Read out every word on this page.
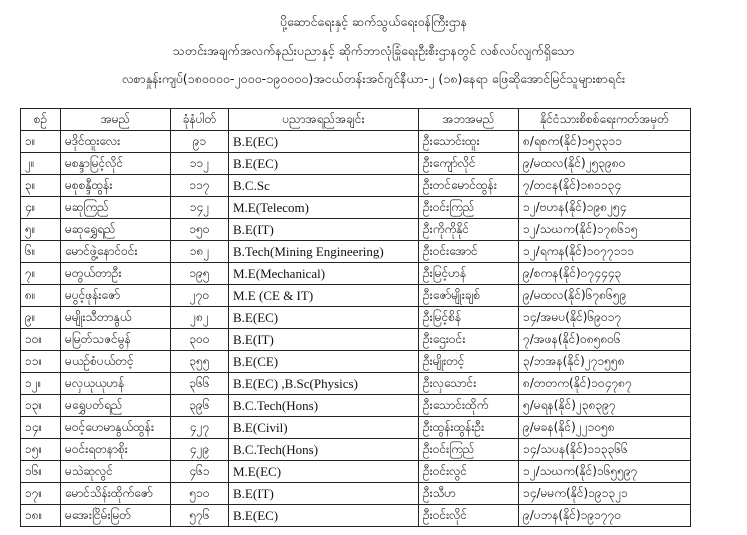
ပို့ဆောင်ရေးနှင့် ဆက်သွယ်ရေးဝန်ကြီးဌာန
သတင်းအချက်အလက်နည်းပညာနှင့် ဆိုက်ဘာလုံခြုံရေးဦးစီးဌာနတွင် လစ်လပ်လျက်ရှိသော
လစာနှုန်းကျပ်(၁၈၀၀၀၀-၂၀၀၀-၁၉၀၀၀၀)အငယ်တန်းအင်ဂျင်နီယာ-၂ (၁၈)နေရာ ဖြေဆိုအောင်မြင်သူများစာရင်း
စဉ်	အမည်	ခုံနံပါတ်	ပညာအရည်အချင်း	အဘအမည်	နိုင်ငံသားစိစစ်ရေးကတ်အမှတ်
၁။	မဒိုင်ထူးလေး	၉၁	B.E(EC)	ဦးသောင်းထူး	၈/ရစက(နိုင်)၁၅၃၃၁၁
၂။	မစန္ဒာမြင့်လိုင်	၁၁၂	B.E(EC)	ဦးကျော်လိုင်	၉/မထလ(နိုင်)၂၅၃၉၈၀
၃။	မစုစန္ဒီထွန်း	၁၁၇	B.C.Sc	ဦးတင်မောင်ထွန်း	၇/တငန(နိုင်)၁၈၁၁၃၄
၄။	မဆုကြည်	၁၄၂	M.E(Telecom)	ဦးဝင်းကြည်	၁၂/ဗဟန(နိုင်)၁၉၈၂၅၄
၅။	မဆုရွှေရည်	၁၅၀	B.E(IT)	ဦးကိုကိုနိုင်	၁၂/သဃက(နိုင်)၁၇၈၆၁၅
၆။	မောင်ဖွဲ့နောင်ဝင်း	၁၈၂	B.Tech(Mining Engineering)	ဦးဝင်းအောင်	၁၂/ရကန(နိုင်)၁၀၇၇၁၁၁
၇။	မတွယ်တာဦး	၁၉၅	M.E(Mechanical)	ဦးမြင့်ဟန်	၉/စကန(နိုင်)၀၇၄၄၄၃
၈။	မပွင့်ဖုန်းဇော်	၂၇၀	M.E (CE & IT)	ဦးဇော်မျိုးချစ်	၉/မထလ(နိုင်)၆၇၈၆၅၉
၉။	မမျိုးသီတာနွယ်	၂၈၂	B.E(EC)	ဦးမြင့်စိန်	၁၄/အမပ(နိုင်)၆၉၀၁၇
၁၀။	မမြတ်သဇင်မွန်	၃၀၀	B.E(IT)	ဦးဌေးဝင်း	၇/အဖန(နိုင်)၀၈၅၈၀၆
၁၁။	မယဉ်စံပယ်တင့်	၃၅၅	B.E(CE)	ဦးမျိုးတင့်	၃/ဘအန(နိုင်)၂၇၁၅၅၈
၁၂။	မလှယုယုဟန်	၃၆၆	B.E(EC) ,B.Sc(Physics)	ဦးလှသောင်း	၈/တတက(နိုင်)၁၀၄၇၈၇
၁၃။	မရွှေပတ်ရည်	၃၉၆	B.C.Tech(Hons)	ဦးသောင်းထိုက်	၅/မရန(နိုင်)၂၃၈၃၉၇
၁၄။	မဝင့်ဟေမာနွယ်ထွန်း	၄၂၇	B.E(Civil)	ဦးထွန်းထွန်းဦး	၉/မခန(နိုင်)၂၂၁၀၅၈
၁၅။	မဝင်းရတနာစိုး	၄၂၉	B.C.Tech(Hons)	ဦးဝင်းကြည်	၁၄/သပန(နိုင်)၁၁၃၃၆၆
၁၆။	မသဲဆုလွင်	၄၆၁	M.E(EC)	ဦးဝင်းလွင်	၁၂/သဃက(နိုင်)၁၆၅၅၉၇
၁၇။	မောင်သိန်းထိုက်ဇော်	၅၁၀	B.E(IT)	ဦးသီဟ	၁၄/မမက(နိုင်)၁၉၁၃၂၁
၁၈။	မအေးငြိမ်းမြတ်	၅၇၆	B.E(EC)	ဦးဝင်းလိုင်	၉/ပဘန(နိုင်)၁၉၁၇၇၀
